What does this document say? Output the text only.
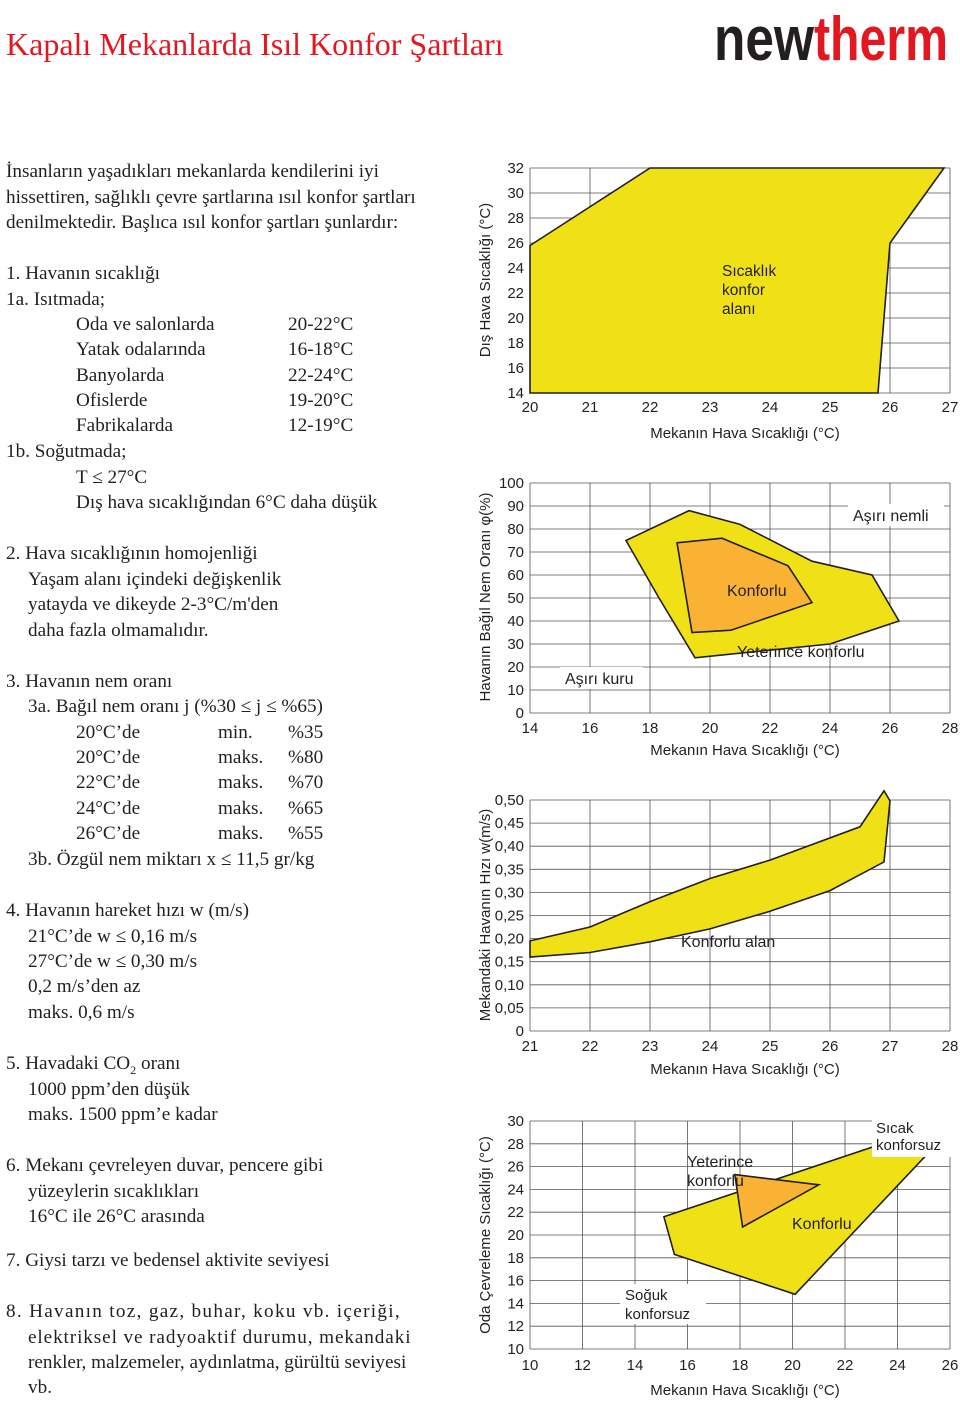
Kapalı Mekanlarda Isıl Konfor Şartları	new therm
İnsanların yaşadıkları mekanlarda kendilerini iyi
hissettiren, sağlıklı çevre şartlarına ısıl konfor şartları
denilmektedir. Başlıca ısıl konfor şartları şunlardır:
1. Havanın sıcaklığı
1a. Isıtmada;
Oda ve salonlarda	20-22°C
Yatak odalarında	16-18°C
Banyolarda	22-24°C
Ofislerde	19-20°C
Fabrikalarda	12-19°C
1b. Soğutmada;
T ≤ 27°C
Dış hava sıcaklığından 6°C daha düşük
2. Hava sıcaklığının homojenliği
Yaşam alanı içindeki değişkenlik
yatayda ve dikeyde 2-3°C/m'den
daha fazla olmamalıdır.
3. Havanın nem oranı
3a. Bağıl nem oranı j (%30 ≤ j ≤ %65)
20°C’de	min. %35
20°C’de	maks. %80
22°C’de	maks. %70
24°C’de	maks. %65
26°C’de	maks. %55
3b. Özgül nem miktarı x ≤ 11,5 gr/kg
4. Havanın hareket hızı w (m/s)
21°C’de w ≤ 0,16 m/s
27°C’de w ≤ 0,30 m/s
0,2 m/s’den az
maks. 0,6 m/s
5. Havadaki $CO_2$ oranı
1000 ppm’den düşük
maks. 1500 ppm’e kadar
6. Mekanı çevreleyen duvar, pencere gibi
yüzeylerin sıcaklıkları
16°C ile 26°C arasında
7. Giysi tarzı ve bedensel aktivite seviyesi
8. Havanın toz, gaz, buhar, koku vb. içeriği,
elektriksel ve radyoaktif durumu, mekandaki
renkler, malzemeler, aydınlatma, gürültü seviyesi
vb.
20	21	22	23	24	25	26	27
14
16
18
20
22
24
26
28
30
32
Mekanın Hava Sıcaklığı (°C)
Dış Hava Sıcaklığı (°C)	Sıcaklık
konfor
alanı
14	16	18	20	22	24	26	28
0
10
20
30
40
50
60
70
80
90
100
Mekanın Hava Sıcaklığı (°C)
Havanın Bağıl Nem Oranı φ(%)	Yeterince konforlu
Konforlu
Aşırı nemli
Aşırı kuru
21	22	23	24	25	26	27	28
0
0,05
0,10
0,15
0,20
0,25
0,30
0,35
0,40
0,45
0,50
Mekanın Hava Sıcaklığı (°C)
Mekandaki Havanın Hızı w(m/s)	Konforlu alan
10 12 14 16 18 20 22 24 26
10
12
14
16
18
20
22
24
26
28
30
Mekanın Hava Sıcaklığı (°C)
Oda Çevreleme Sıcaklığı (°C)	Yeterince
konforlu
Konforlu
Sıcak
konforsuz
Soğuk
konforsuz
